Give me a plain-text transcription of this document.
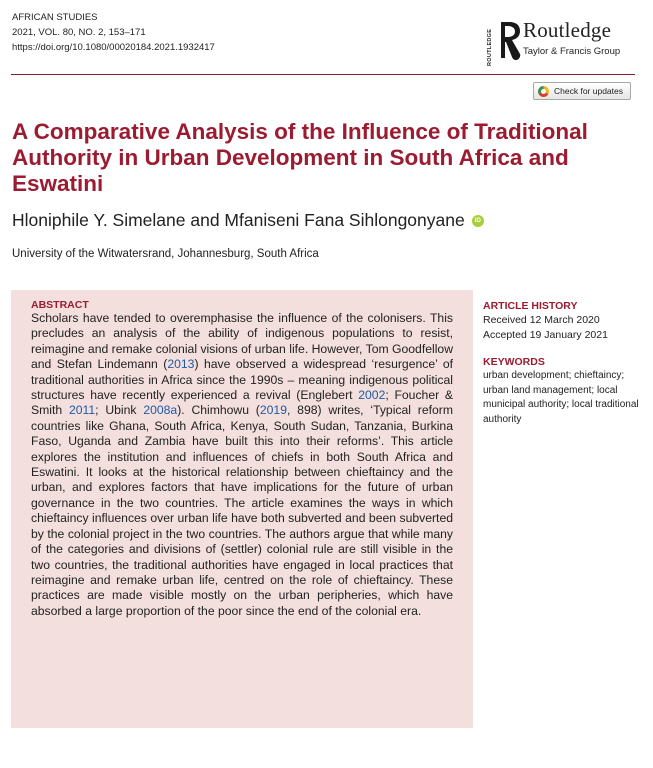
AFRICAN STUDIES
2021, VOL. 80, NO. 2, 153–171
https://doi.org/10.1080/00020184.2021.1932417	ROUTLEDGE Routledge
Taylor & Francis Group
Check for updates
A Comparative Analysis of the Influence of Traditional Authority in Urban Development in South Africa and Eswatini
Hloniphile Y. Simelane and Mfaniseni Fana Sihlongonyane	iD
University of the Witwatersrand, Johannesburg, South Africa
ABSTRACT

Scholars have tended to overemphasise the influence of the colonisers. This precludes an analysis of the ability of indigenous populations to resist, reimagine and remake colonial visions of urban life. However, Tom Goodfellow and Stefan Lindemann (2013) have observed a widespread ‘resurgence’ of traditional authorities in Africa since the 1990s – meaning indigenous political structures have recently experienced a revival (Englebert 2002; Foucher & Smith 2011; Ubink 2008a). Chimhowu (2019, 898) writes, ‘Typical reform countries like Ghana, South Africa, Kenya, South Sudan, Tanzania, Burkina Faso, Uganda and Zambia have built this into their reforms’. This article explores the institution and influences of chiefs in both South Africa and Eswatini. It looks at the historical relationship between chieftaincy and the urban, and explores factors that have implications for the future of urban governance in the two countries. The article examines the ways in which chieftaincy influences over urban life have both subverted and been subverted by the colonial project in the two countries. The authors argue that while many of the categories and divisions of (settler) colonial rule are still visible in the two countries, the traditional authorities have engaged in local practices that reimagine and remake urban life, centred on the role of chieftaincy. These practices are made visible mostly on the urban peripheries, which have absorbed a large proportion of the poor since the end of the colonial era.

ARTICLE HISTORY
Received 12 March 2020
Accepted 19 January 2021
KEYWORDS
urban development; chieftaincy; urban land management; local municipal authority; local traditional authority
